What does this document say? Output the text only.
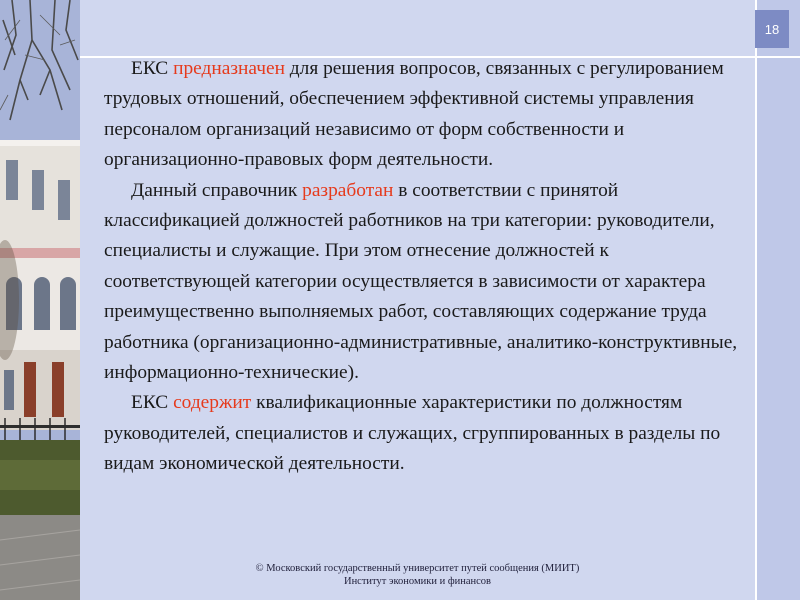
18

ЕКС предназначен для решения вопросов, связанных с регулированием трудовых отношений, обеспечением эффективной системы управления персоналом организаций независимо от форм собственности и организационно-правовых форм деятельности.

Данный справочник разработан в соответствии с принятой классификацией должностей работников на три категории: руководители, специалисты и служащие. При этом отнесение должностей к соответствующей категории осуществляется в зависимости от характера преимущественно выполняемых работ, составляющих содержание труда работника (организационно-административные, аналитико-конструктивные, информационно-технические).

ЕКС содержит квалификационные характеристики по должностям руководителей, специалистов и служащих, сгруппированных в разделы по видам экономической деятельности.

© Московский государственный университет путей сообщения (МИИТ)
Институт экономики и финансов
